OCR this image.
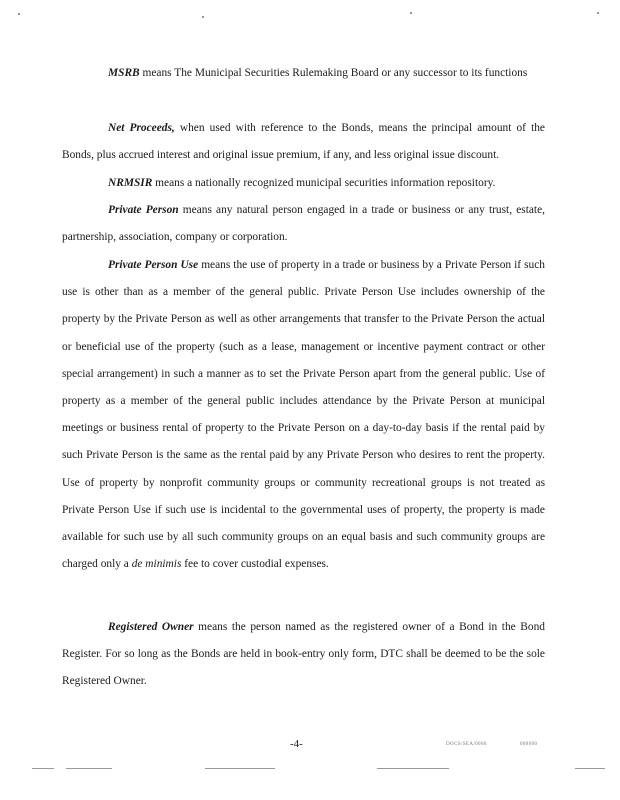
MSRB means The Municipal Securities Rulemaking Board or any successor to its functions

Net Proceeds, when used with reference to the Bonds, means the principal amount of the Bonds, plus accrued interest and original issue premium, if any, and less original issue discount.

NRMSIR means a nationally recognized municipal securities information repository.

Private Person means any natural person engaged in a trade or business or any trust, estate, partnership, association, company or corporation.

Private Person Use means the use of property in a trade or business by a Private Person if such use is other than as a member of the general public. Private Person Use includes ownership of the property by the Private Person as well as other arrangements that transfer to the Private Person the actual or beneficial use of the property (such as a lease, management or incentive payment contract or other special arrangement) in such a manner as to set the Private Person apart from the general public. Use of property as a member of the general public includes attendance by the Private Person at municipal meetings or business rental of property to the Private Person on a day-to-day basis if the rental paid by such Private Person is the same as the rental paid by any Private Person who desires to rent the property. Use of property by nonprofit community groups or community recreational groups is not treated as Private Person Use if such use is incidental to the governmental uses of property, the property is made available for such use by all such community groups on an equal basis and such community groups are charged only a de minimis fee to cover custodial expenses.

Registered Owner means the person named as the registered owner of a Bond in the Bond Register. For so long as the Bonds are held in book-entry only form, DTC shall be deemed to be the sole Registered Owner.

-4-	DOCS/SEA/0000	000000
